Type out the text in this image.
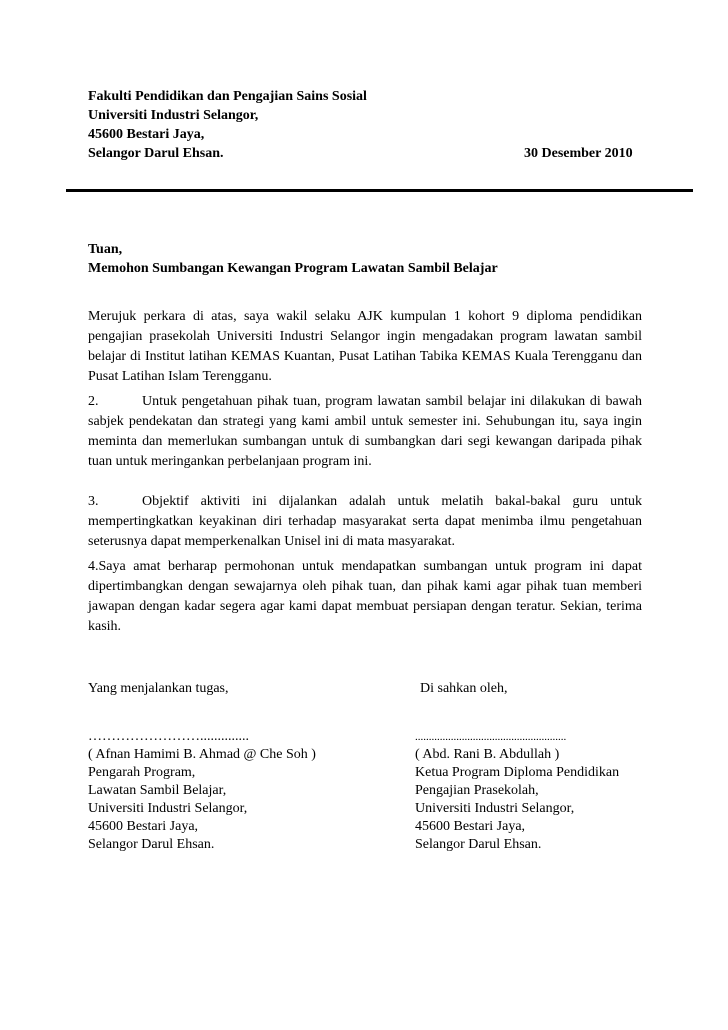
Fakulti Pendidikan dan Pengajian Sains Sosial
Universiti Industri Selangor,
45600 Bestari Jaya,
Selangor Darul Ehsan.	30 Desember 2010
Tuan,
Memohon Sumbangan Kewangan Program Lawatan Sambil Belajar
Merujuk perkara di atas, saya wakil selaku AJK kumpulan 1 kohort 9 diploma pendidikan pengajian prasekolah Universiti Industri Selangor ingin mengadakan program lawatan sambil belajar di Institut latihan KEMAS Kuantan, Pusat Latihan Tabika KEMAS Kuala Terengganu dan Pusat Latihan Islam Terengganu.
2.	Untuk pengetahuan pihak tuan, program lawatan sambil belajar ini dilakukan di bawah sabjek pendekatan dan strategi yang kami ambil untuk semester ini. Sehubungan itu, saya ingin meminta dan memerlukan sumbangan untuk di sumbangkan dari segi kewangan daripada pihak tuan untuk meringankan perbelanjaan program ini.
3.	Objektif aktiviti ini dijalankan adalah untuk melatih bakal-bakal guru untuk mempertingkatkan keyakinan diri terhadap masyarakat serta dapat menimba ilmu pengetahuan seterusnya dapat memperkenalkan Unisel ini di mata masyarakat.
4.Saya amat berharap permohonan untuk mendapatkan sumbangan untuk program ini dapat dipertimbangkan dengan sewajarnya oleh pihak tuan, dan pihak kami agar pihak tuan memberi jawapan dengan kadar segera agar kami dapat membuat persiapan dengan teratur. Sekian, terima kasih.
Yang menjalankan tugas,	Di sahkan oleh,
……………………..............
( Afnan Hamimi B. Ahmad @ Che Soh )
Pengarah Program,
Lawatan Sambil Belajar,
Universiti Industri Selangor,
45600 Bestari Jaya,
Selangor Darul Ehsan.
.......................................................
( Abd. Rani B. Abdullah )
Ketua Program Diploma Pendidikan
Pengajian Prasekolah,
Universiti Industri Selangor,
45600 Bestari Jaya,
Selangor Darul Ehsan.
